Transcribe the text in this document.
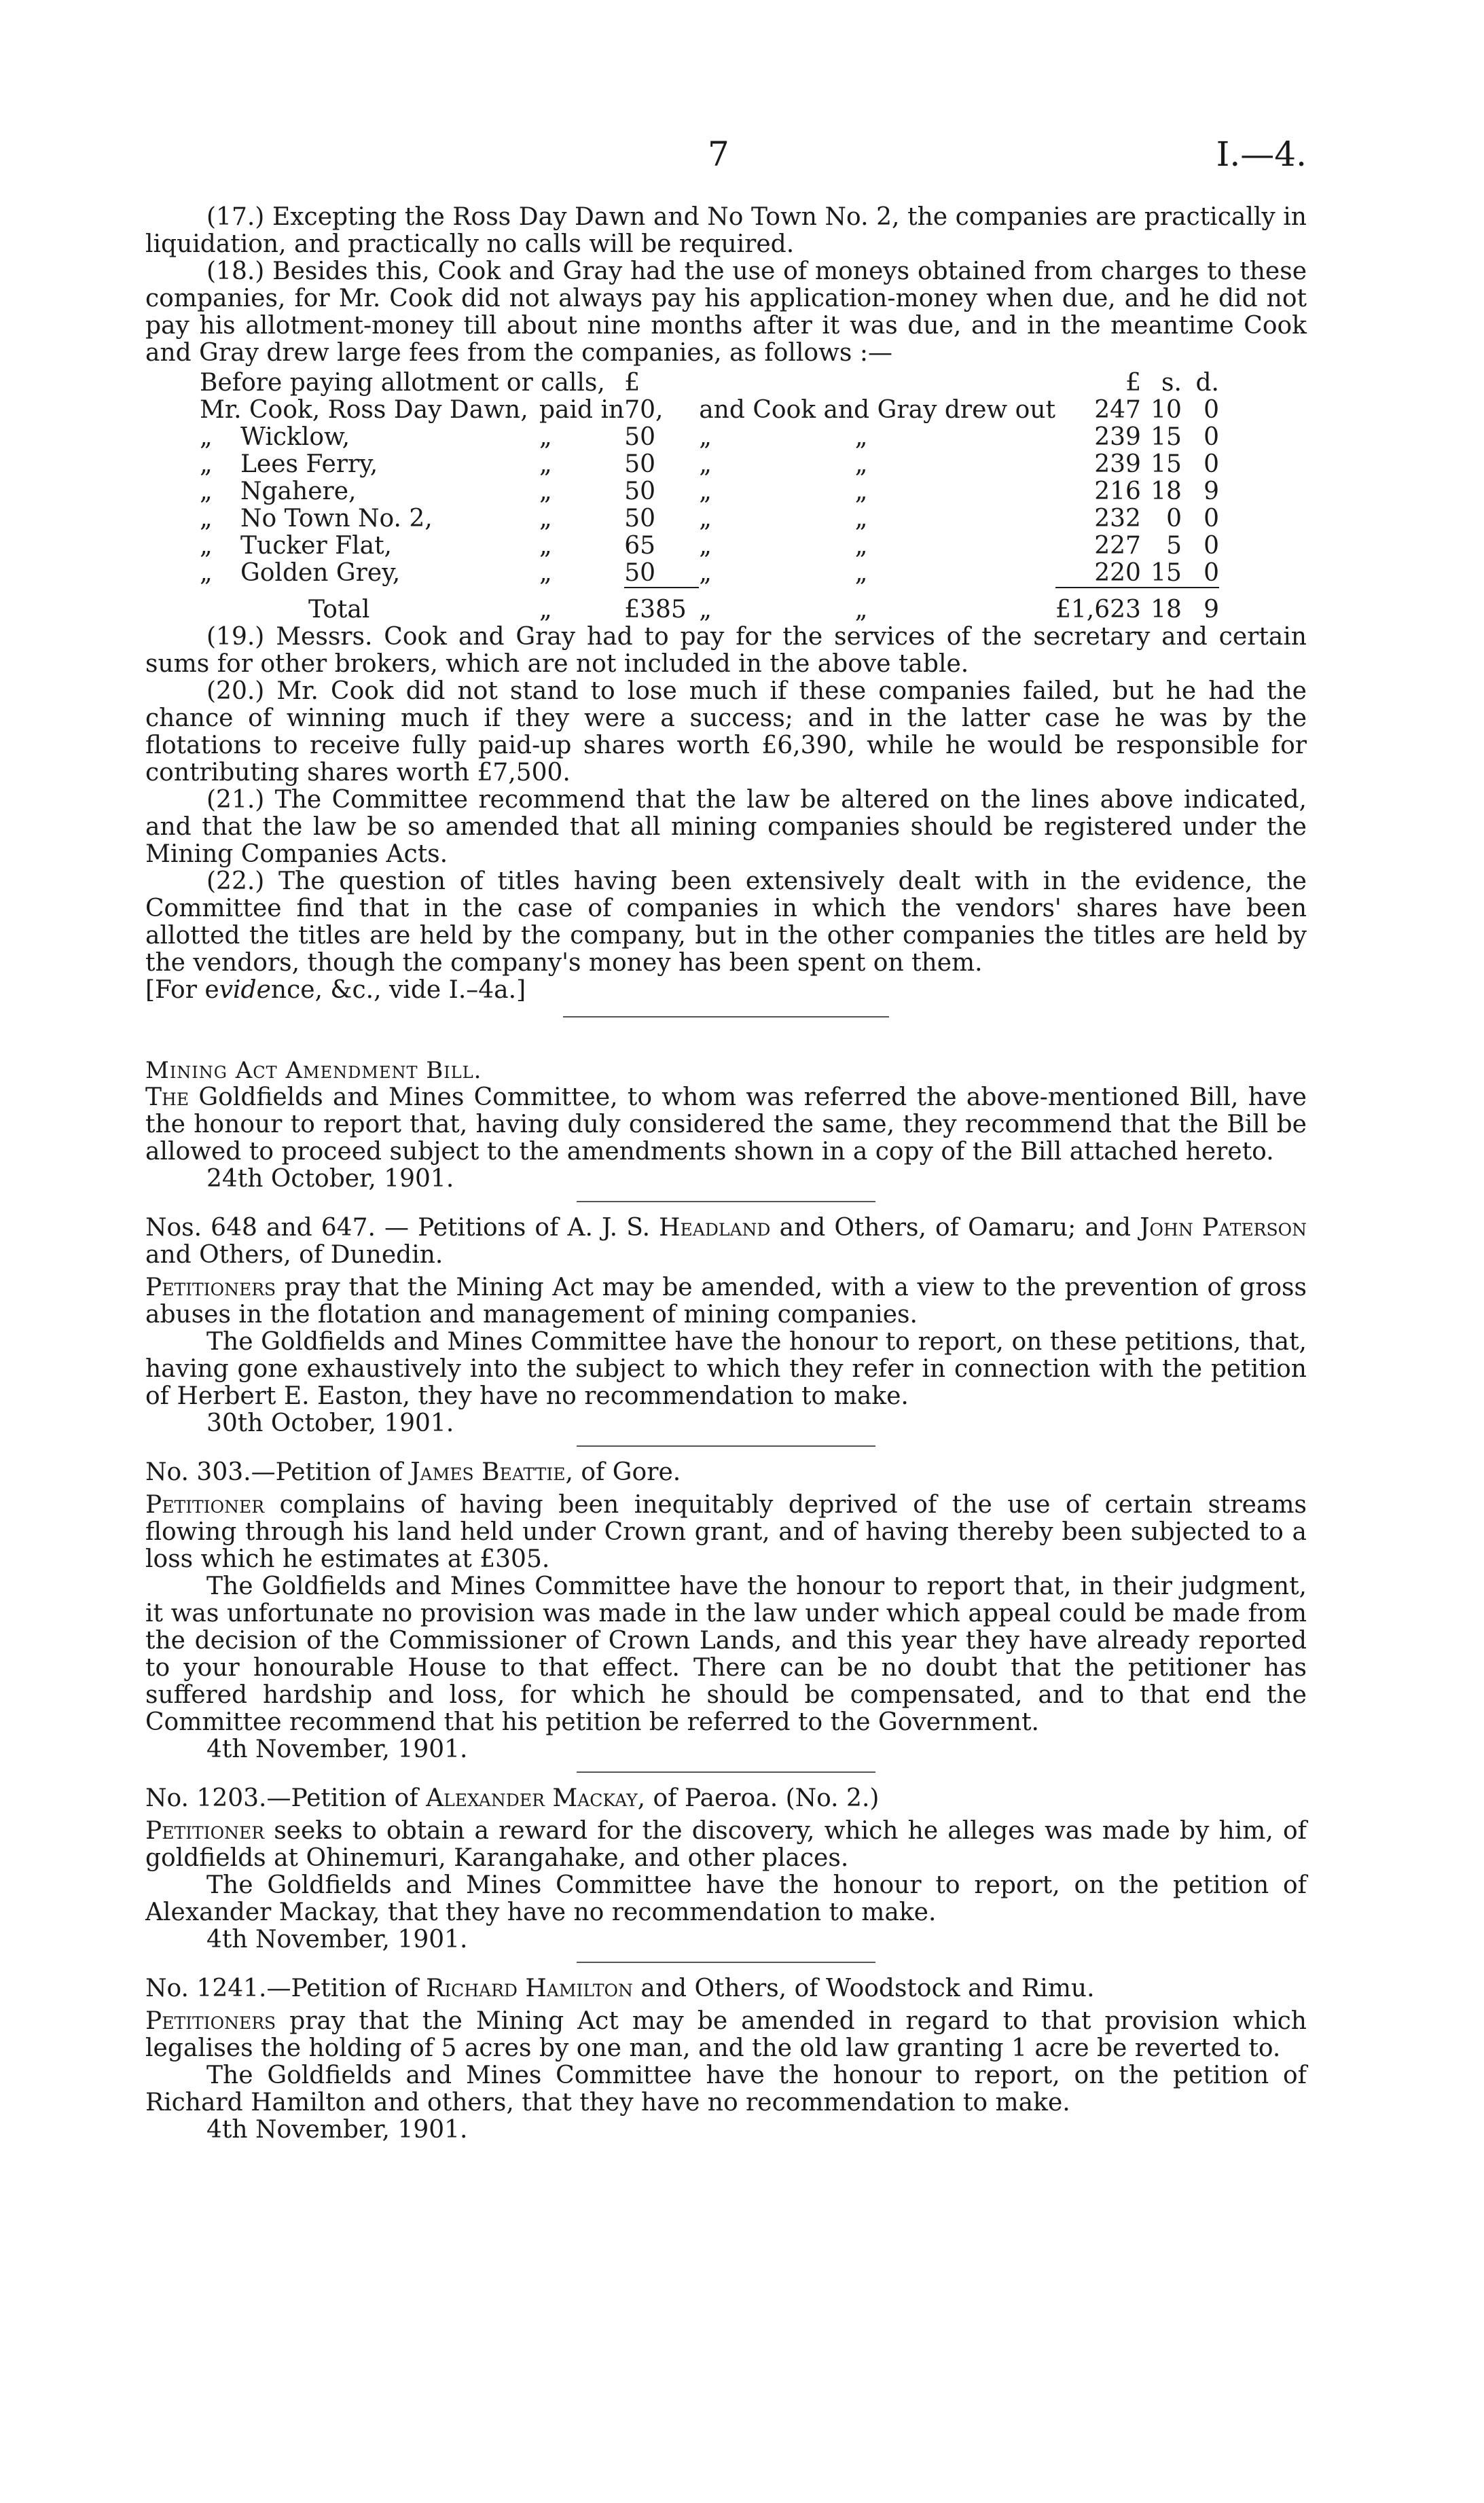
7	I.—4.

(17.) Excepting the Ross Day Dawn and No Town No. 2, the companies are practically in liquidation, and practically no calls will be required.

(18.) Besides this, Cook and Gray had the use of moneys obtained from charges to these companies, for Mr. Cook did not always pay his application-money when due, and he did not pay his allotment-money till about nine months after it was due, and in the meantime Cook and Gray drew large fees from the companies, as follows :—

Before paying allotment or calls,			£			£	s.	d.
Mr. Cook, Ross Day Dawn,		paid in	70,	and Cook and Gray drew out		247	10	0
„	Wicklow,	„	50	„	„	239	15	0
„	Lees Ferry,	„	50	„	„	239	15	0
„	Ngahere,	„	50	„	„	216	18	9
„	No Town No. 2,	„	50	„	„	232	0	0
„	Tucker Flat,	„	65	„	„	227	5	0
„	Golden Grey,	„	50	„	„	220	15	0

	Total	„	£385	„	„	£1,623	18	9

(19.) Messrs. Cook and Gray had to pay for the services of the secretary and certain sums for other brokers, which are not included in the above table.

(20.) Mr. Cook did not stand to lose much if these companies failed, but he had the chance of winning much if they were a success; and in the latter case he was by the flotations to receive fully paid-up shares worth £6,390, while he would be responsible for contributing shares worth £7,500.

(21.) The Committee recommend that the law be altered on the lines above indicated, and that the law be so amended that all mining companies should be registered under the Mining Companies Acts.

(22.) The question of titles having been extensively dealt with in the evidence, the Committee find that in the case of companies in which the vendors' shares have been allotted the titles are held by the company, but in the other companies the titles are held by the vendors, though the company's money has been spent on them.

[For evidence, &c., vide I.–4a.]

Mining Act Amendment Bill.

The Goldfields and Mines Committee, to whom was referred the above-mentioned Bill, have the honour to report that, having duly considered the same, they recommend that the Bill be allowed to proceed subject to the amendments shown in a copy of the Bill attached hereto.

24th October, 1901.

Nos. 648 and 647. — Petitions of A. J. S. Headland and Others, of Oamaru; and John Paterson and Others, of Dunedin.

Petitioners pray that the Mining Act may be amended, with a view to the prevention of gross abuses in the flotation and management of mining companies.

The Goldfields and Mines Committee have the honour to report, on these petitions, that, having gone exhaustively into the subject to which they refer in connection with the petition of Herbert E. Easton, they have no recommendation to make.

30th October, 1901.

No. 303.—Petition of James Beattie, of Gore.

Petitioner complains of having been inequitably deprived of the use of certain streams flowing through his land held under Crown grant, and of having thereby been subjected to a loss which he estimates at £305.

The Goldfields and Mines Committee have the honour to report that, in their judgment, it was unfortunate no provision was made in the law under which appeal could be made from the decision of the Commissioner of Crown Lands, and this year they have already reported to your honourable House to that effect. There can be no doubt that the petitioner has suffered hardship and loss, for which he should be compensated, and to that end the Committee recommend that his petition be referred to the Government.

4th November, 1901.

No. 1203.—Petition of Alexander Mackay, of Paeroa. (No. 2.)

Petitioner seeks to obtain a reward for the discovery, which he alleges was made by him, of goldfields at Ohinemuri, Karangahake, and other places.

The Goldfields and Mines Committee have the honour to report, on the petition of Alexander Mackay, that they have no recommendation to make.

4th November, 1901.

No. 1241.—Petition of Richard Hamilton and Others, of Woodstock and Rimu.

Petitioners pray that the Mining Act may be amended in regard to that provision which legalises the holding of 5 acres by one man, and the old law granting 1 acre be reverted to.

The Goldfields and Mines Committee have the honour to report, on the petition of Richard Hamilton and others, that they have no recommendation to make.

4th November, 1901.
